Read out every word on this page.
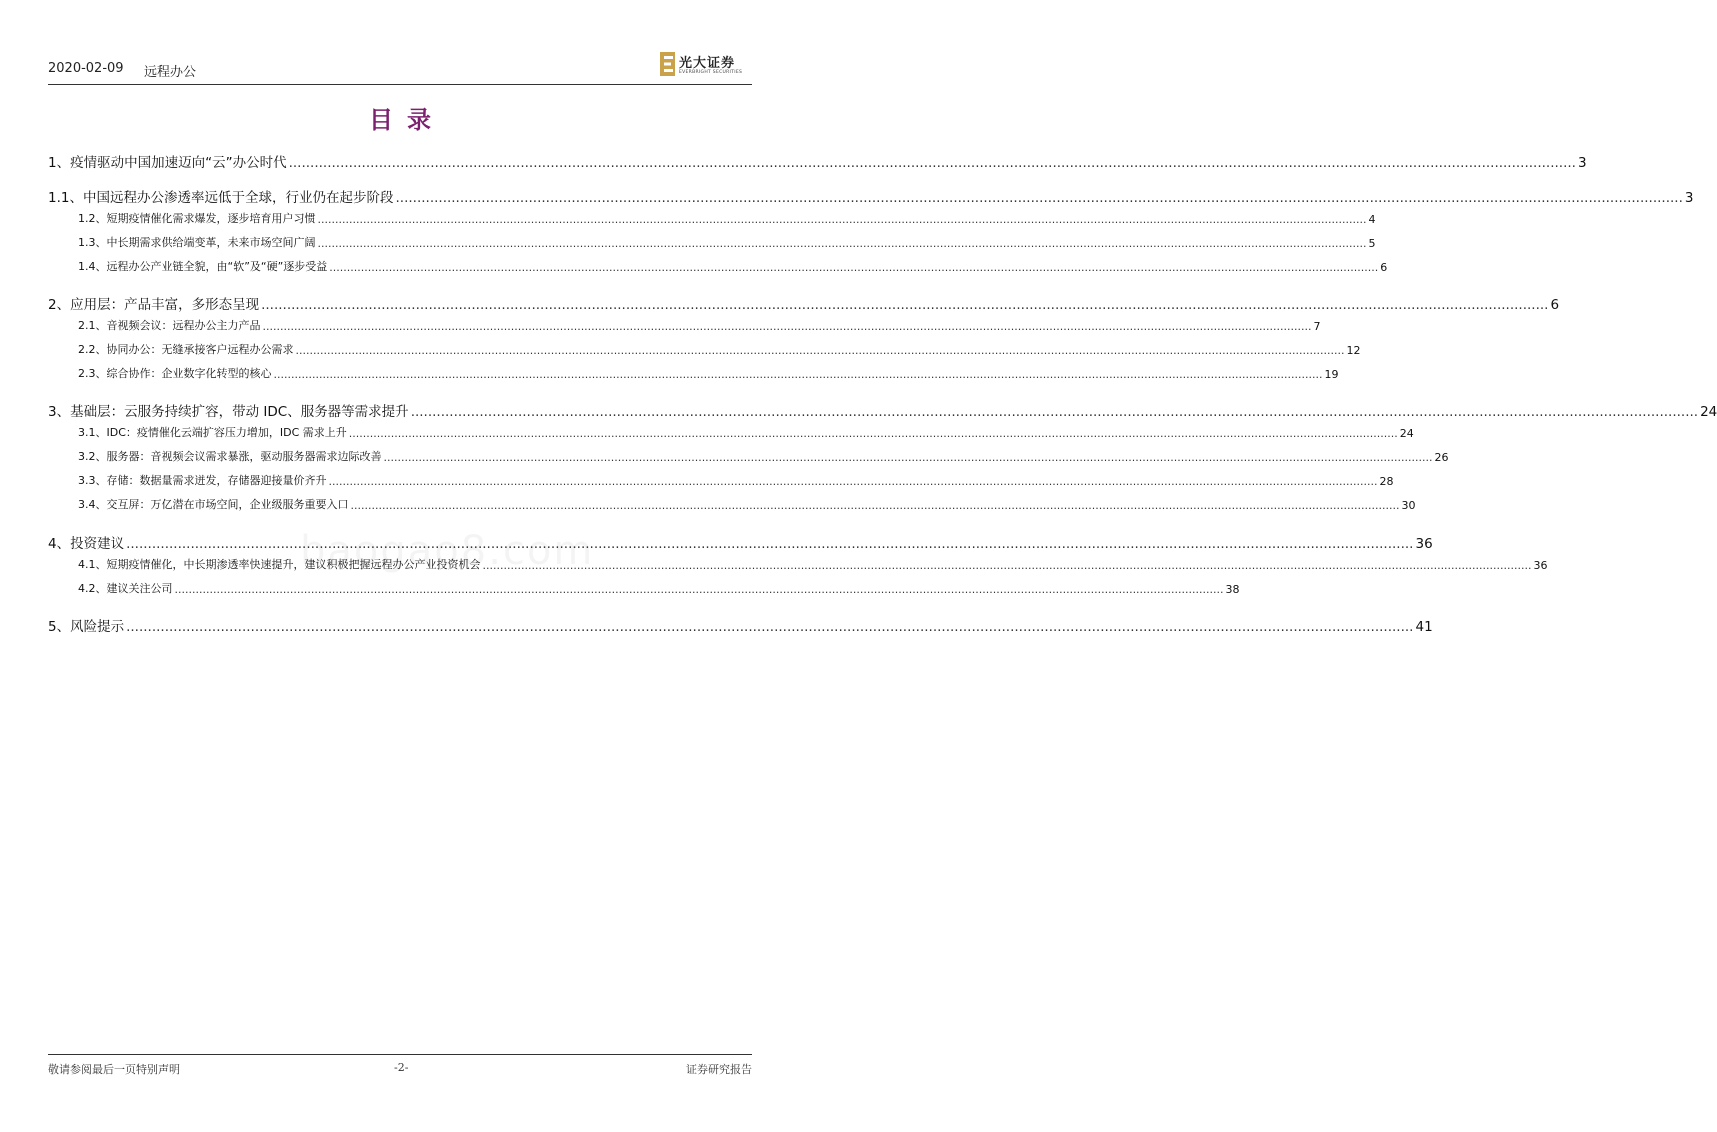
2020-02-09 远程办公
光大证券
EVERBRIGHT SECURITIES
目录
1、 疫情驱动中国加速迈向“云”办公时代 ............................................................................................................................................................................................................................................................................................................ 3
1.1、 中国远程办公渗透率远低于全球，行业仍在起步阶段 ............................................................................................................................................................................................................................................................................................................ 3
1.2、 短期疫情催化需求爆发，逐步培育用户习惯 ............................................................................................................................................................................................................................................................................................................ 4
1.3、 中长期需求供给端变革，未来市场空间广阔 ............................................................................................................................................................................................................................................................................................................ 5
1.4、 远程办公产业链全貌，由“软”及“硬”逐步受益 ............................................................................................................................................................................................................................................................................................................ 6
2、 应用层：产品丰富，多形态呈现 ............................................................................................................................................................................................................................................................................................................ 6
2.1、 音视频会议：远程办公主力产品 ............................................................................................................................................................................................................................................................................................................ 7
2.2、 协同办公：无缝承接客户远程办公需求 ............................................................................................................................................................................................................................................................................................................ 12
2.3、 综合协作：企业数字化转型的核心 ............................................................................................................................................................................................................................................................................................................ 19
3、 基础层：云服务持续扩容，带动 IDC、服务器等需求提升 ............................................................................................................................................................................................................................................................................................................ 24
3.1、 IDC：疫情催化云端扩容压力增加，IDC 需求上升 ............................................................................................................................................................................................................................................................................................................ 24
3.2、 服务器：音视频会议需求暴涨，驱动服务器需求边际改善 ............................................................................................................................................................................................................................................................................................................ 26
3.3、 存储：数据量需求迸发，存储器迎接量价齐升 ............................................................................................................................................................................................................................................................................................................ 28
3.4、 交互屏：万亿潜在市场空间，企业级服务重要入口 ............................................................................................................................................................................................................................................................................................................ 30
4、 投资建议 ............................................................................................................................................................................................................................................................................................................ 36
4.1、 短期疫情催化，中长期渗透率快速提升，建议积极把握远程办公产业投资机会 ............................................................................................................................................................................................................................................................................................................ 36
4.2、 建议关注公司 ............................................................................................................................................................................................................................................................................................................ 38
5、 风险提示 ............................................................................................................................................................................................................................................................................................................ 41
敬请参阅最后一页特别声明	-2-	证券研究报告
